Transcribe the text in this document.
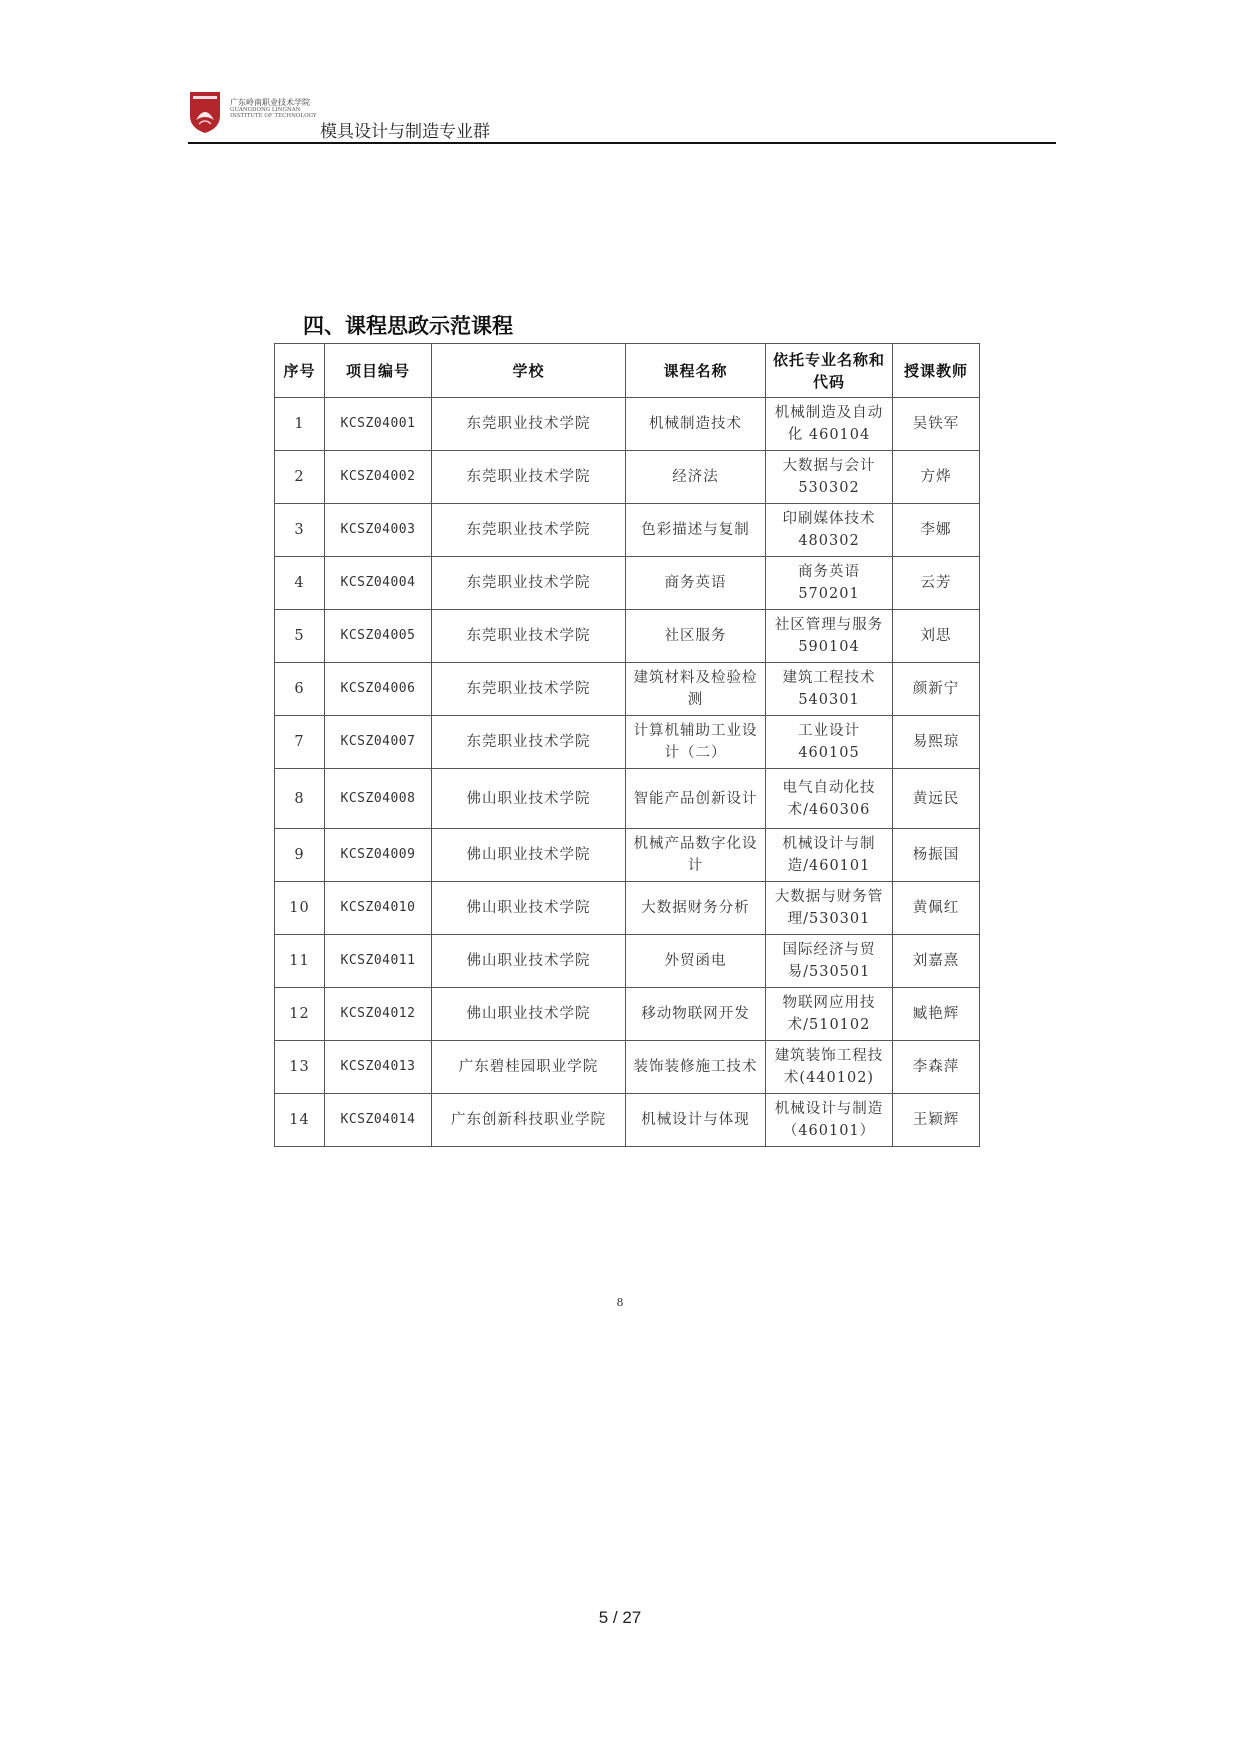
广东岭南职业技术学院
GUANGDONG LINGNAN INSTITUTE OF TECHNOLOGY
模具设计与制造专业群
四、课程思政示范课程
序号	项目编号	学校	课程名称	依托专业名称和代码	授课教师
1	KCSZ04001	东莞职业技术学院	机械制造技术	机械制造及自动化 460104	吴铁军
2	KCSZ04002	东莞职业技术学院	经济法	大数据与会计530302	方烨
3	KCSZ04003	东莞职业技术学院	色彩描述与复制	印刷媒体技术480302	李娜
4	KCSZ04004	东莞职业技术学院	商务英语	商务英语570201	云芳
5	KCSZ04005	东莞职业技术学院	社区服务	社区管理与服务 590104	刘思
6	KCSZ04006	东莞职业技术学院	建筑材料及检验检测	建筑工程技术540301	颜新宁
7	KCSZ04007	东莞职业技术学院	计算机辅助工业设计（二）	工业设计460105	易熙琼
8	KCSZ04008	佛山职业技术学院	智能产品创新设计	电气自动化技术/460306	黄远民
9	KCSZ04009	佛山职业技术学院	机械产品数字化设计	机械设计与制造/460101	杨振国
10	KCSZ04010	佛山职业技术学院	大数据财务分析	大数据与财务管理/530301	黄佩红
11	KCSZ04011	佛山职业技术学院	外贸函电	国际经济与贸易/530501	刘嘉熹
12	KCSZ04012	佛山职业技术学院	移动物联网开发	物联网应用技术/510102	臧艳辉
13	KCSZ04013	广东碧桂园职业学院	装饰装修施工技术	建筑装饰工程技术(440102)	李森萍
14	KCSZ04014	广东创新科技职业学院	机械设计与体现	机械设计与制造（460101）	王颖辉
8
5 / 27
